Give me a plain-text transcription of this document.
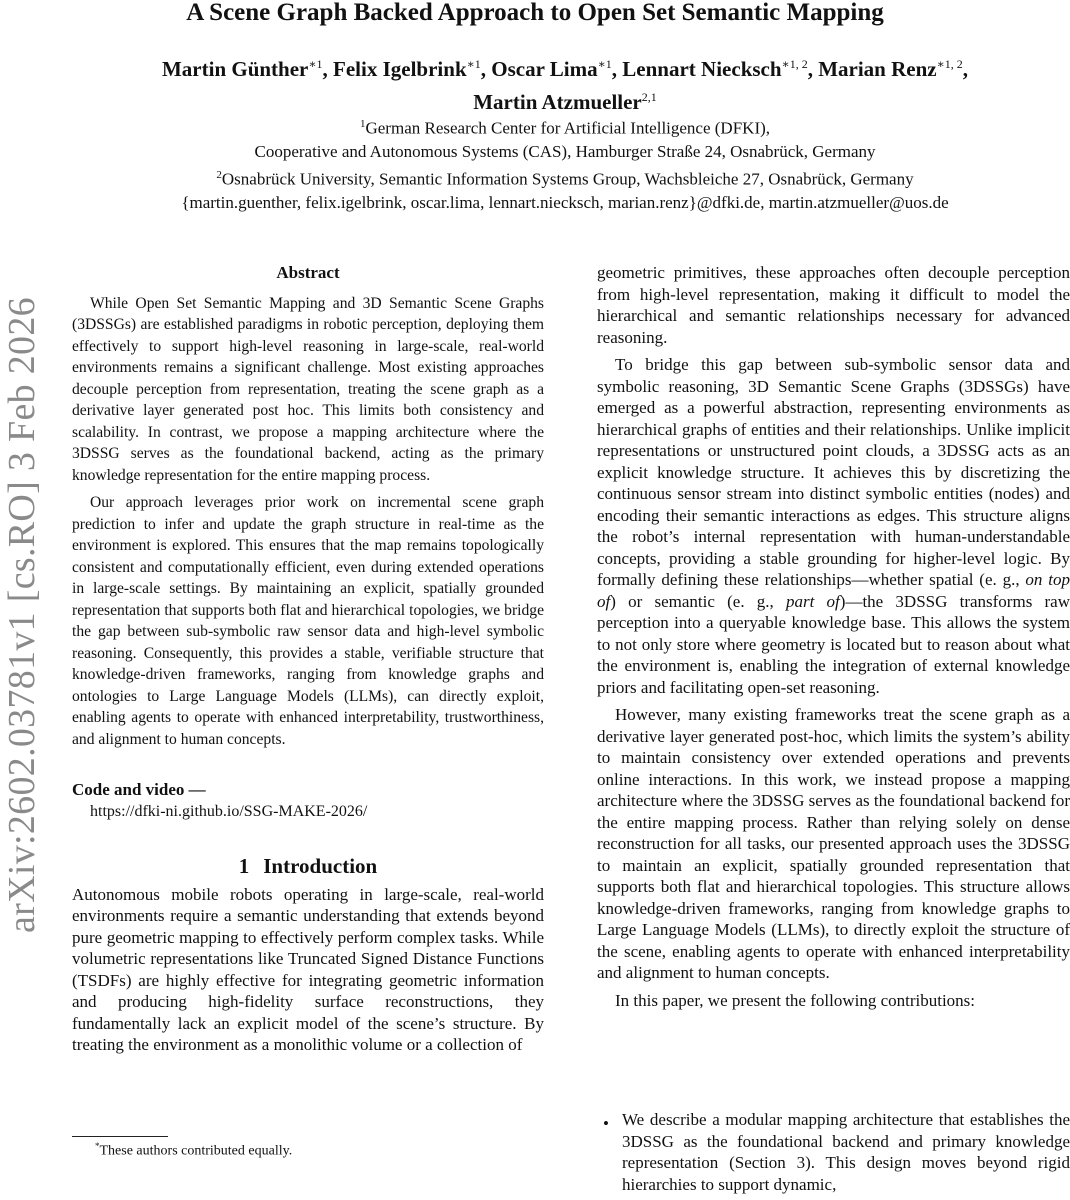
A Scene Graph Backed Approach to Open Set Semantic Mapping
Martin Günther$^{∗1}$, Felix Igelbrink$^{∗1}$, Oscar Lima$^{∗1}$, Lennart Niecksch$^{∗1, 2}$, Marian Renz$^{∗1, 2}$,
Martin Atzmueller$^{2,1}$
$^1$German Research Center for Artificial Intelligence (DFKI),
Cooperative and Autonomous Systems (CAS), Hamburger Straße 24, Osnabrück, Germany
$^2$Osnabrück University, Semantic Information Systems Group, Wachsbleiche 27, Osnabrück, Germany
{martin.guenther, felix.igelbrink, oscar.lima, lennart.niecksch, marian.renz}@dfki.de, martin.atzmueller@uos.de
arXiv:2602.03781v1 [cs.RO] 3 Feb 2026
Abstract

While Open Set Semantic Mapping and 3D Semantic Scene Graphs (3DSSGs) are established paradigms in robotic perception, deploying them effectively to support high-level reasoning in large-scale, real-world environments remains a significant challenge. Most existing approaches decouple perception from representation, treating the scene graph as a derivative layer generated post hoc. This limits both consistency and scalability. In contrast, we propose a mapping architecture where the 3DSSG serves as the foundational backend, acting as the primary knowledge representation for the entire mapping process.

Our approach leverages prior work on incremental scene graph prediction to infer and update the graph structure in real-time as the environment is explored. This ensures that the map remains topologically consistent and computationally efficient, even during extended operations in large-scale settings. By maintaining an explicit, spatially grounded representation that supports both flat and hierarchical topologies, we bridge the gap between sub-symbolic raw sensor data and high-level symbolic reasoning. Consequently, this provides a stable, verifiable structure that knowledge-driven frameworks, ranging from knowledge graphs and ontologies to Large Language Models (LLMs), can directly exploit, enabling agents to operate with enhanced interpretability, trustworthiness, and alignment to human concepts.

Code and video —
https://dfki-ni.github.io/SSG-MAKE-2026/
1 Introduction

Autonomous mobile robots operating in large-scale, real-world environments require a semantic understanding that extends beyond pure geometric mapping to effectively perform complex tasks. While volumetric representations like Truncated Signed Distance Functions (TSDFs) are highly effective for integrating geometric information and producing high-fidelity surface reconstructions, they fundamentally lack an explicit model of the scene’s structure. By treating the environment as a monolithic volume or a collection of

geometric primitives, these approaches often decouple perception from high-level representation, making it difficult to model the hierarchical and semantic relationships necessary for advanced reasoning.

To bridge this gap between sub-symbolic sensor data and symbolic reasoning, 3D Semantic Scene Graphs (3DSSGs) have emerged as a powerful abstraction, representing environments as hierarchical graphs of entities and their relationships. Unlike implicit representations or unstructured point clouds, a 3DSSG acts as an explicit knowledge structure. It achieves this by discretizing the continuous sensor stream into distinct symbolic entities (nodes) and encoding their semantic interactions as edges. This structure aligns the robot’s internal representation with human-understandable concepts, providing a stable grounding for higher-level logic. By formally defining these relationships—whether spatial (e. g., on top of) or semantic (e. g., part of)—the 3DSSG transforms raw perception into a queryable knowledge base. This allows the system to not only store where geometry is located but to reason about what the environment is, enabling the integration of external knowledge priors and facilitating open-set reasoning.

However, many existing frameworks treat the scene graph as a derivative layer generated post-hoc, which limits the system’s ability to maintain consistency over extended operations and prevents online interactions. In this work, we instead propose a mapping architecture where the 3DSSG serves as the foundational backend for the entire mapping process. Rather than relying solely on dense reconstruction for all tasks, our presented approach uses the 3DSSG to maintain an explicit, spatially grounded representation that supports both flat and hierarchical topologies. This structure allows knowledge-driven frameworks, ranging from knowledge graphs to Large Language Models (LLMs), to directly exploit the structure of the scene, enabling agents to operate with enhanced interpretability and alignment to human concepts.

In this paper, we present the following contributions:

• We describe a modular mapping architecture that establishes the 3DSSG as the foundational backend and primary knowledge representation (Section 3). This design moves beyond rigid hierarchies to support dynamic,
*These authors contributed equally.
